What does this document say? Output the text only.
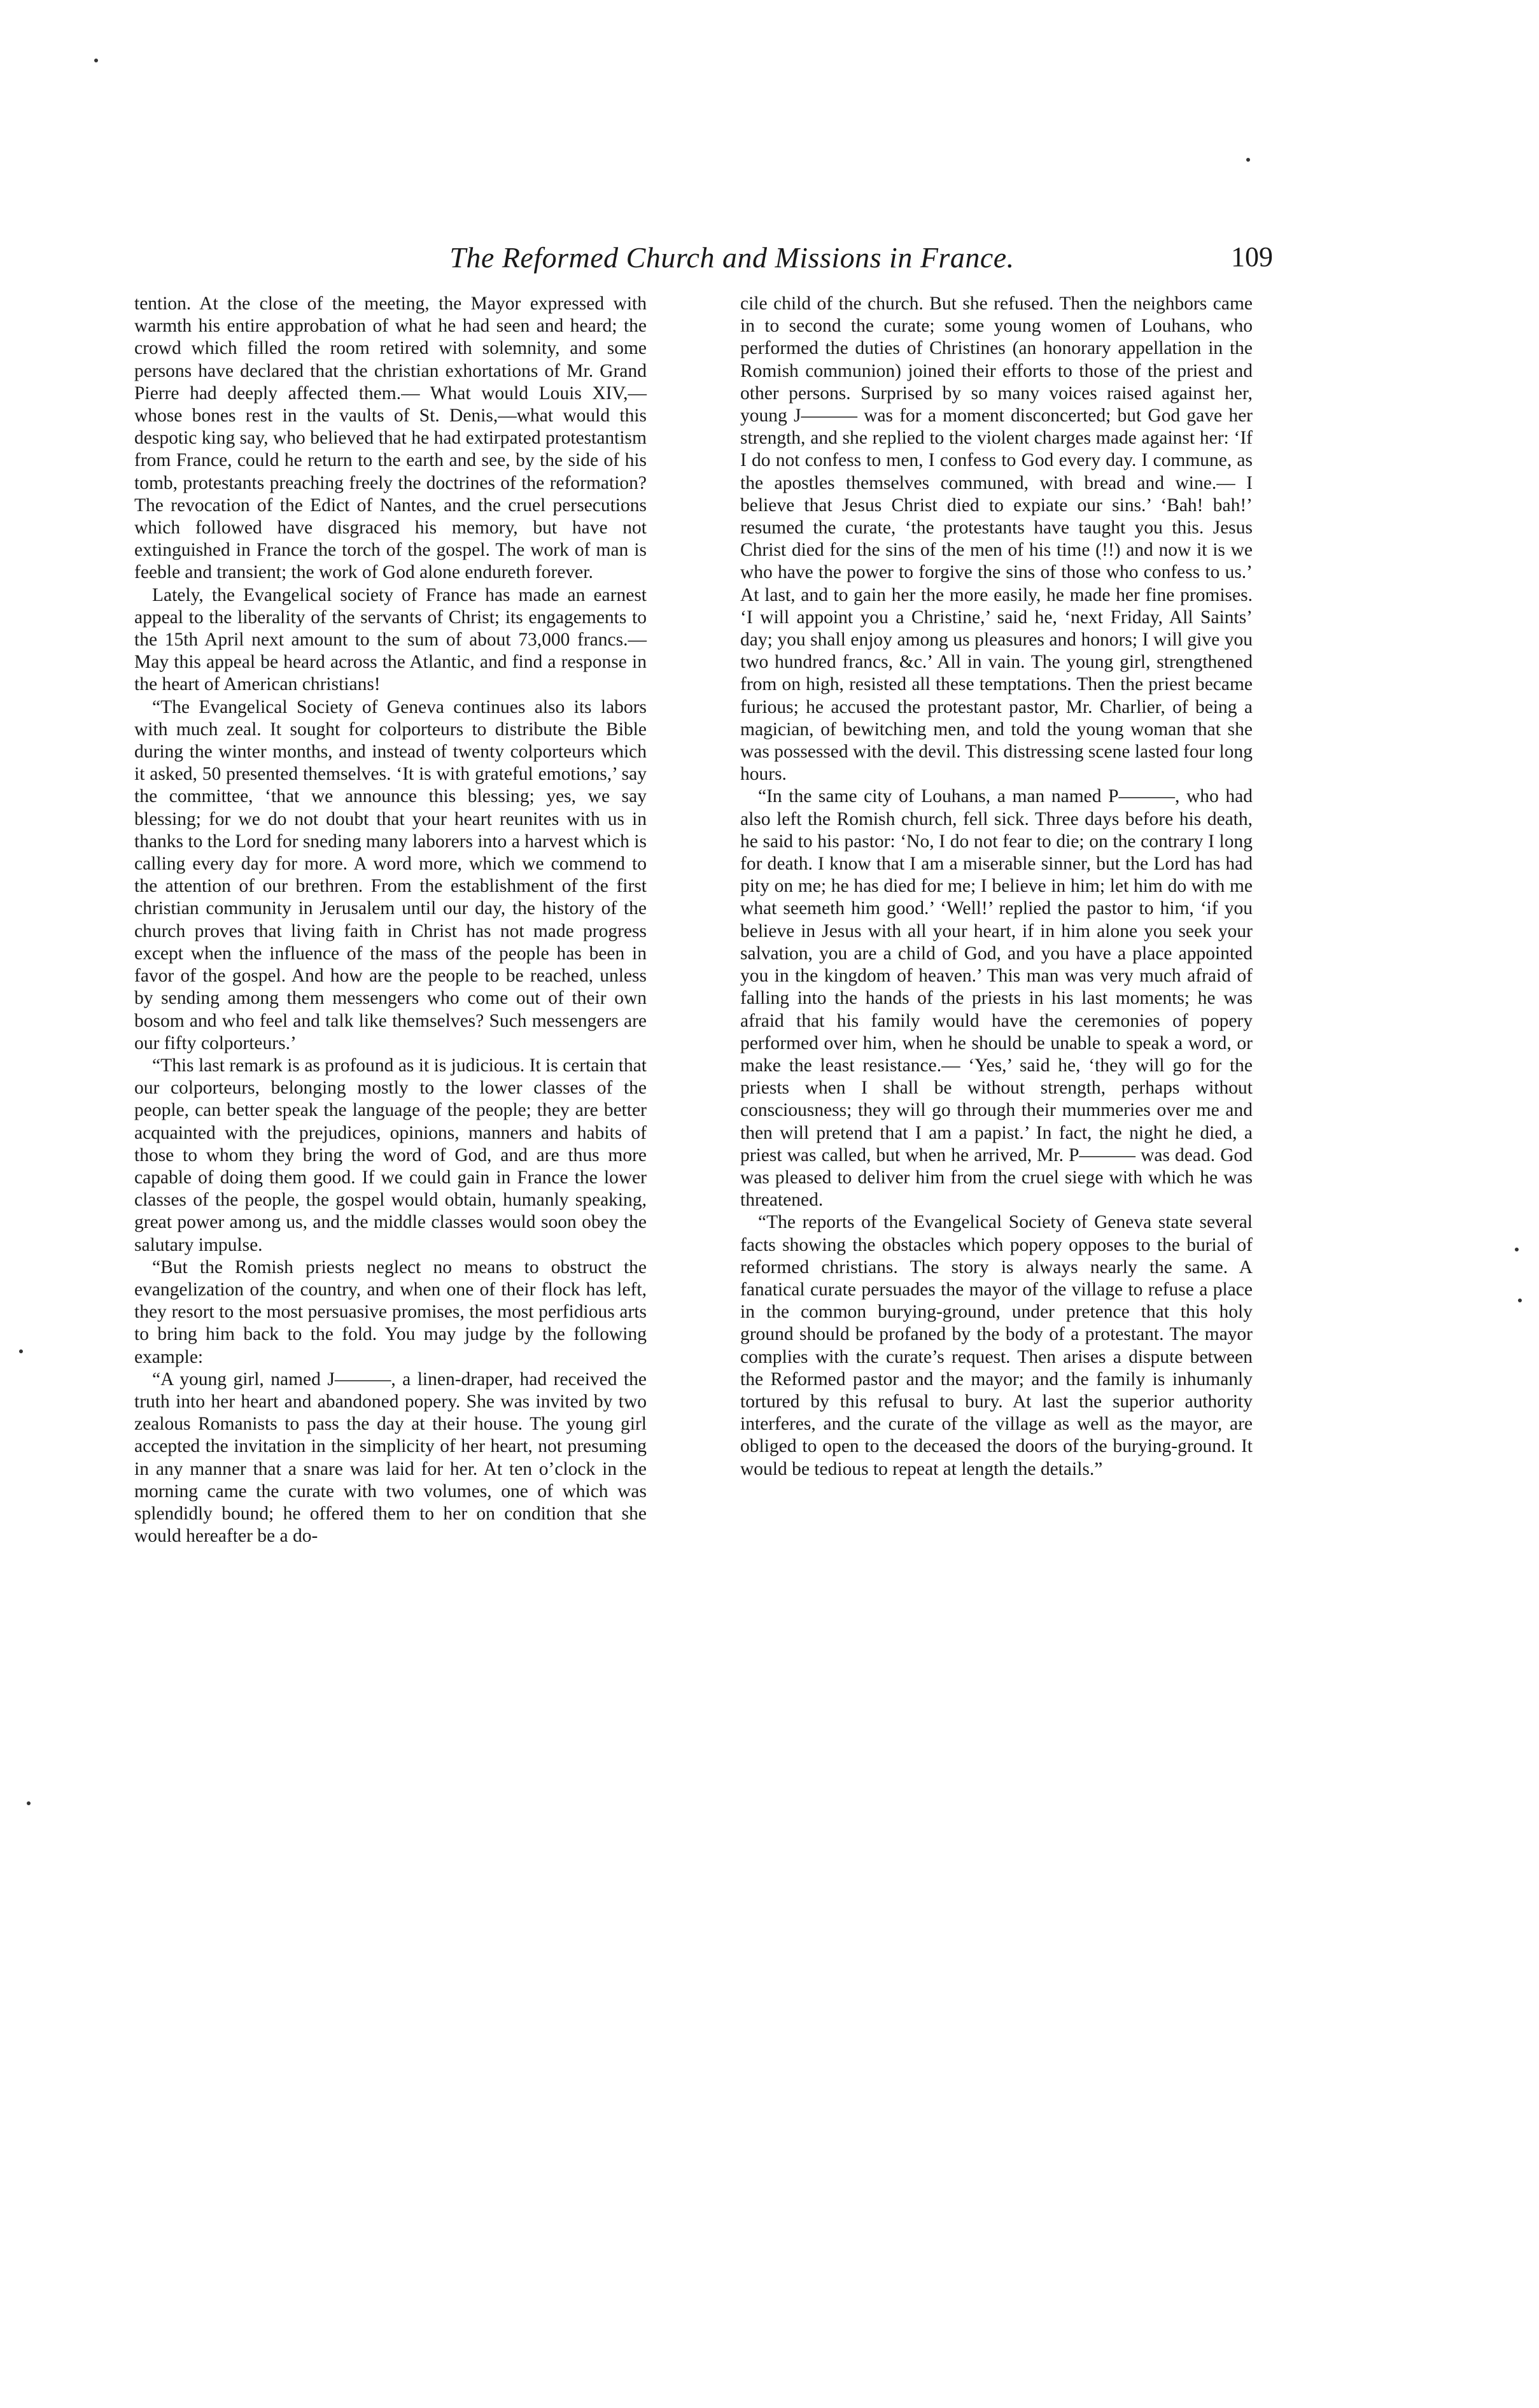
The Reformed Church and Missions in France.	109

tention. At the close of the meeting, the Mayor expressed with warmth his entire approbation of what he had seen and heard; the crowd which filled the room retired with solemnity, and some persons have declared that the christian exhortations of Mr. Grand Pierre had deeply affected them.— What would Louis XIV,—whose bones rest in the vaults of St. Denis,—what would this despotic king say, who believed that he had extirpated protestantism from France, could he return to the earth and see, by the side of his tomb, protestants preaching freely the doctrines of the reformation? The revocation of the Edict of Nantes, and the cruel persecutions which followed have disgraced his memory, but have not extinguished in France the torch of the gospel. The work of man is feeble and transient; the work of God alone endureth forever.

Lately, the Evangelical society of France has made an earnest appeal to the liberality of the servants of Christ; its engagements to the 15th April next amount to the sum of about 73,000 francs.— May this appeal be heard across the Atlantic, and find a response in the heart of American christians!

“The Evangelical Society of Geneva continues also its labors with much zeal. It sought for colporteurs to distribute the Bible during the winter months, and instead of twenty colporteurs which it asked, 50 presented themselves. ‘It is with grateful emotions,’ say the committee, ‘that we announce this blessing; yes, we say blessing; for we do not doubt that your heart reunites with us in thanks to the Lord for sneding many laborers into a harvest which is calling every day for more. A word more, which we commend to the attention of our brethren. From the establishment of the first christian community in Jerusalem until our day, the history of the church proves that living faith in Christ has not made progress except when the influence of the mass of the people has been in favor of the gospel. And how are the people to be reached, unless by sending among them messengers who come out of their own bosom and who feel and talk like themselves? Such messengers are our fifty colporteurs.’

“This last remark is as profound as it is judicious. It is certain that our colporteurs, belonging mostly to the lower classes of the people, can better speak the language of the people; they are better acquainted with the prejudices, opinions, manners and habits of those to whom they bring the word of God, and are thus more capable of doing them good. If we could gain in France the lower classes of the people, the gospel would obtain, humanly speaking, great power among us, and the middle classes would soon obey the salutary impulse.

“But the Romish priests neglect no means to obstruct the evangelization of the country, and when one of their flock has left, they resort to the most persuasive promises, the most perfidious arts to bring him back to the fold. You may judge by the following example:

“A young girl, named J———, a linen-draper, had received the truth into her heart and abandoned popery. She was invited by two zealous Romanists to pass the day at their house. The young girl accepted the invitation in the simplicity of her heart, not presuming in any manner that a snare was laid for her. At ten o’clock in the morning came the curate with two volumes, one of which was splendidly bound; he offered them to her on condition that she would hereafter be a do-

cile child of the church. But she refused. Then the neighbors came in to second the curate; some young women of Louhans, who performed the duties of Christines (an honorary appellation in the Romish communion) joined their efforts to those of the priest and other persons. Surprised by so many voices raised against her, young J——— was for a moment disconcerted; but God gave her strength, and she replied to the violent charges made against her: ‘If I do not confess to men, I confess to God every day. I commune, as the apostles themselves communed, with bread and wine.— I believe that Jesus Christ died to expiate our sins.’ ‘Bah! bah!’ resumed the curate, ‘the protestants have taught you this. Jesus Christ died for the sins of the men of his time (!!) and now it is we who have the power to forgive the sins of those who confess to us.’ At last, and to gain her the more easily, he made her fine promises. ‘I will appoint you a Christine,’ said he, ‘next Friday, All Saints’ day; you shall enjoy among us pleasures and honors; I will give you two hundred francs, &c.’ All in vain. The young girl, strengthened from on high, resisted all these temptations. Then the priest became furious; he accused the protestant pastor, Mr. Charlier, of being a magician, of bewitching men, and told the young woman that she was possessed with the devil. This distressing scene lasted four long hours.

“In the same city of Louhans, a man named P———, who had also left the Romish church, fell sick. Three days before his death, he said to his pastor: ‘No, I do not fear to die; on the contrary I long for death. I know that I am a miserable sinner, but the Lord has had pity on me; he has died for me; I believe in him; let him do with me what seemeth him good.’ ‘Well!’ replied the pastor to him, ‘if you believe in Jesus with all your heart, if in him alone you seek your salvation, you are a child of God, and you have a place appointed you in the kingdom of heaven.’ This man was very much afraid of falling into the hands of the priests in his last moments; he was afraid that his family would have the ceremonies of popery performed over him, when he should be unable to speak a word, or make the least resistance.— ‘Yes,’ said he, ‘they will go for the priests when I shall be without strength, perhaps without consciousness; they will go through their mummeries over me and then will pretend that I am a papist.’ In fact, the night he died, a priest was called, but when he arrived, Mr. P——— was dead. God was pleased to deliver him from the cruel siege with which he was threatened.

“The reports of the Evangelical Society of Geneva state several facts showing the obstacles which popery opposes to the burial of reformed christians. The story is always nearly the same. A fanatical curate persuades the mayor of the village to refuse a place in the common burying-ground, under pretence that this holy ground should be profaned by the body of a protestant. The mayor complies with the curate’s request. Then arises a dispute between the Reformed pastor and the mayor; and the family is inhumanly tortured by this refusal to bury. At last the superior authority interferes, and the curate of the village as well as the mayor, are obliged to open to the deceased the doors of the burying-ground. It would be tedious to repeat at length the details.”
